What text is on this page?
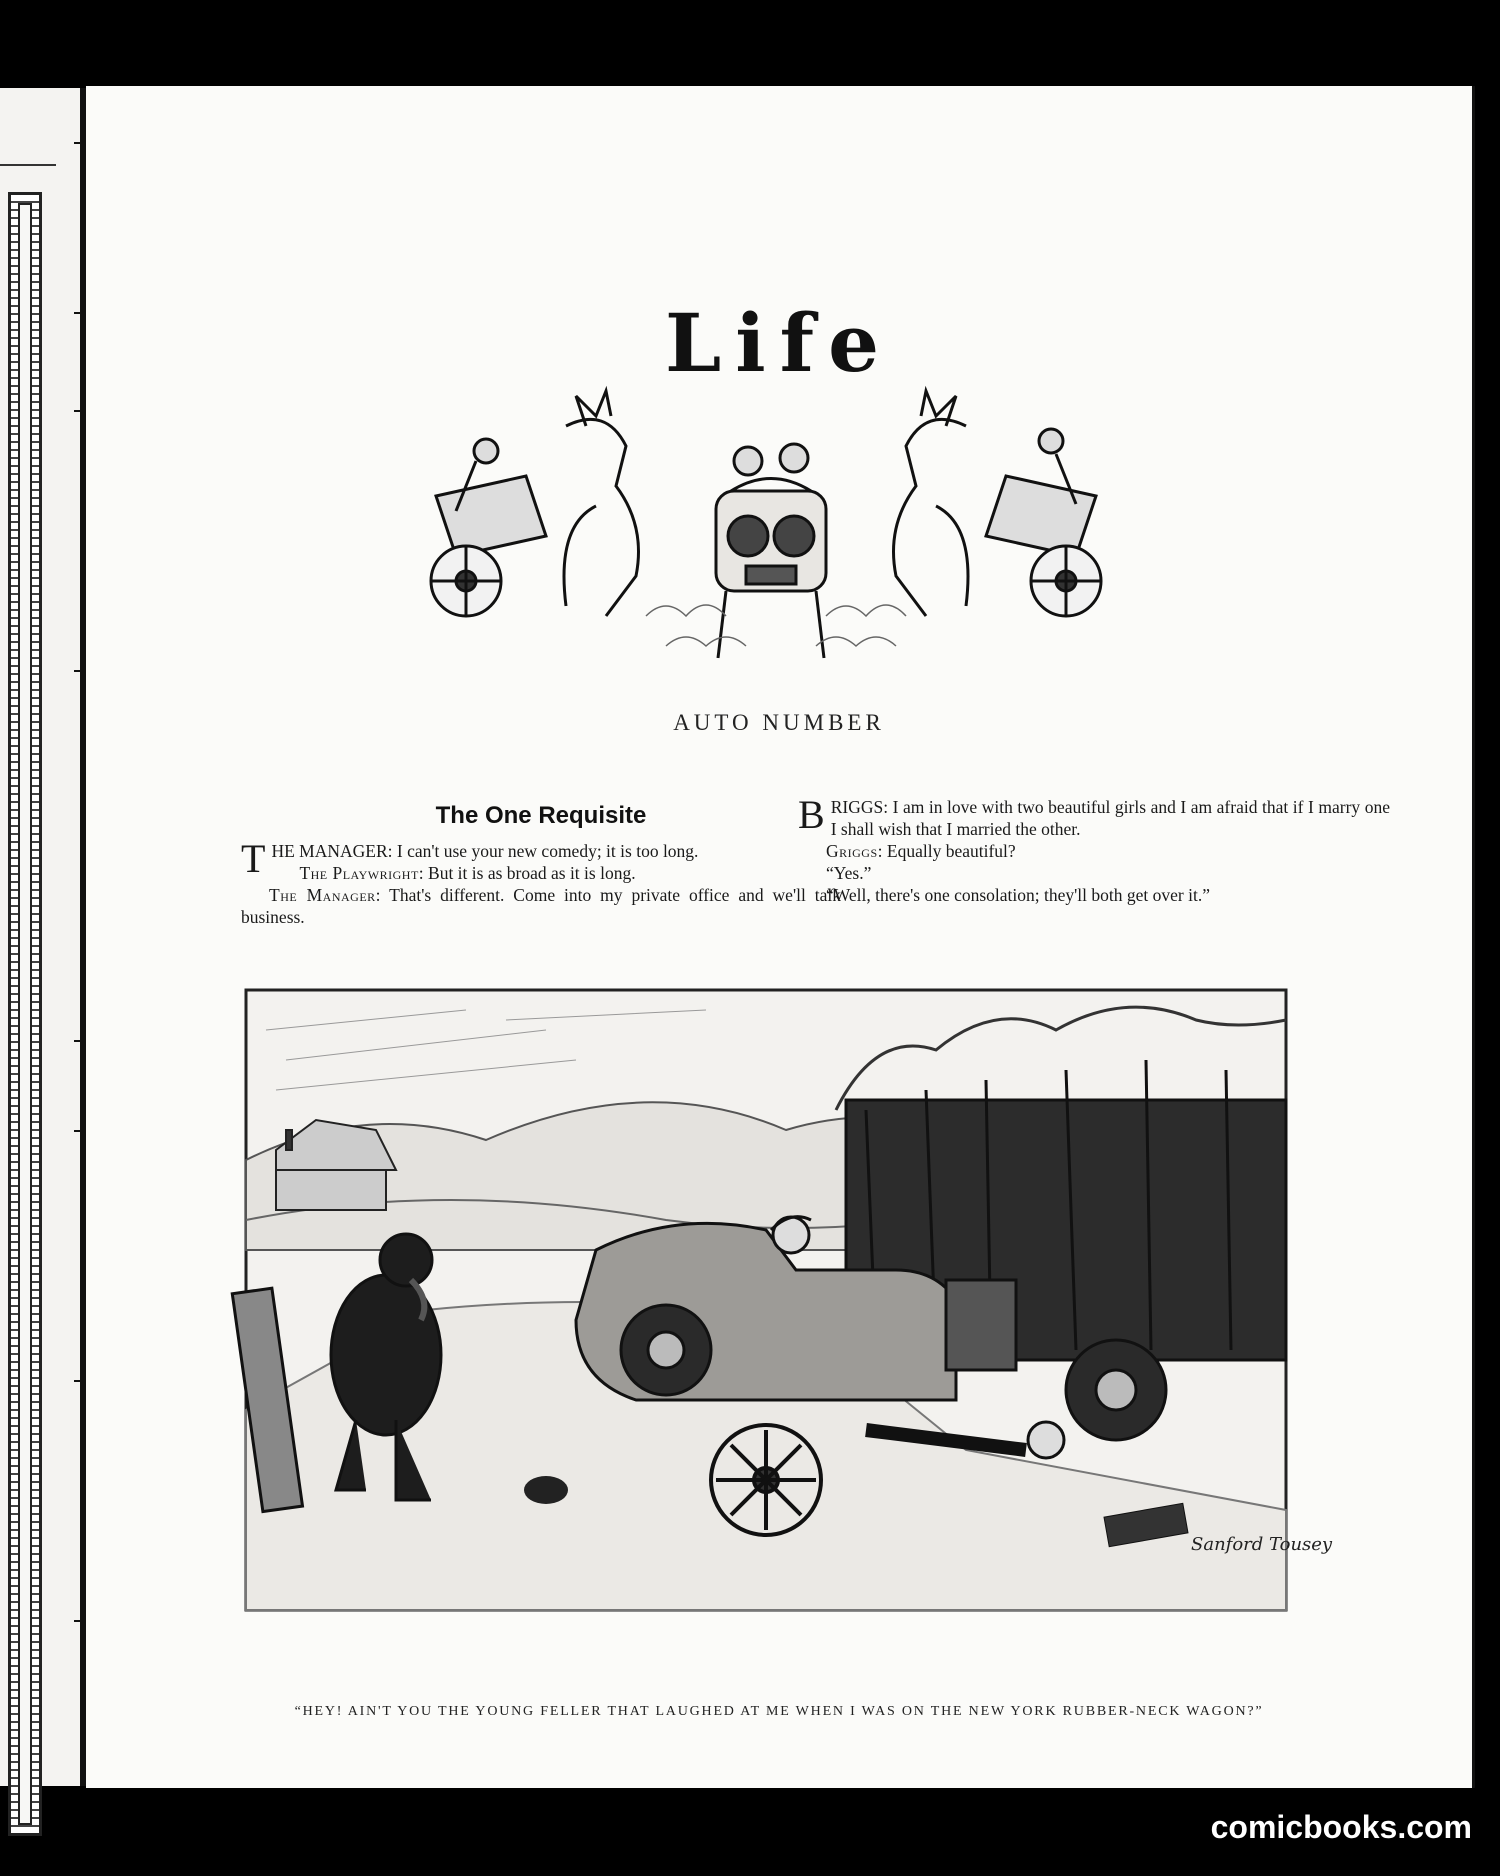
Life
AUTO NUMBER
The One Requisite

THE MANAGER: I can't use your new comedy; it is too long.

The Playwright: But it is as broad as it is long.

The Manager: That's different. Come into my private office and we'll talk business.

BRIGGS: I am in love with two beautiful girls and I am afraid that if I marry one I shall wish that I married the other.

Griggs: Equally beautiful?

“Yes.”

“Well, there's one consolation; they'll both get over it.”

Sanford Tousey
“HEY! AIN'T YOU THE YOUNG FELLER THAT LAUGHED AT ME WHEN I WAS ON THE NEW YORK RUBBER-NECK WAGON?”
comicbooks.com
